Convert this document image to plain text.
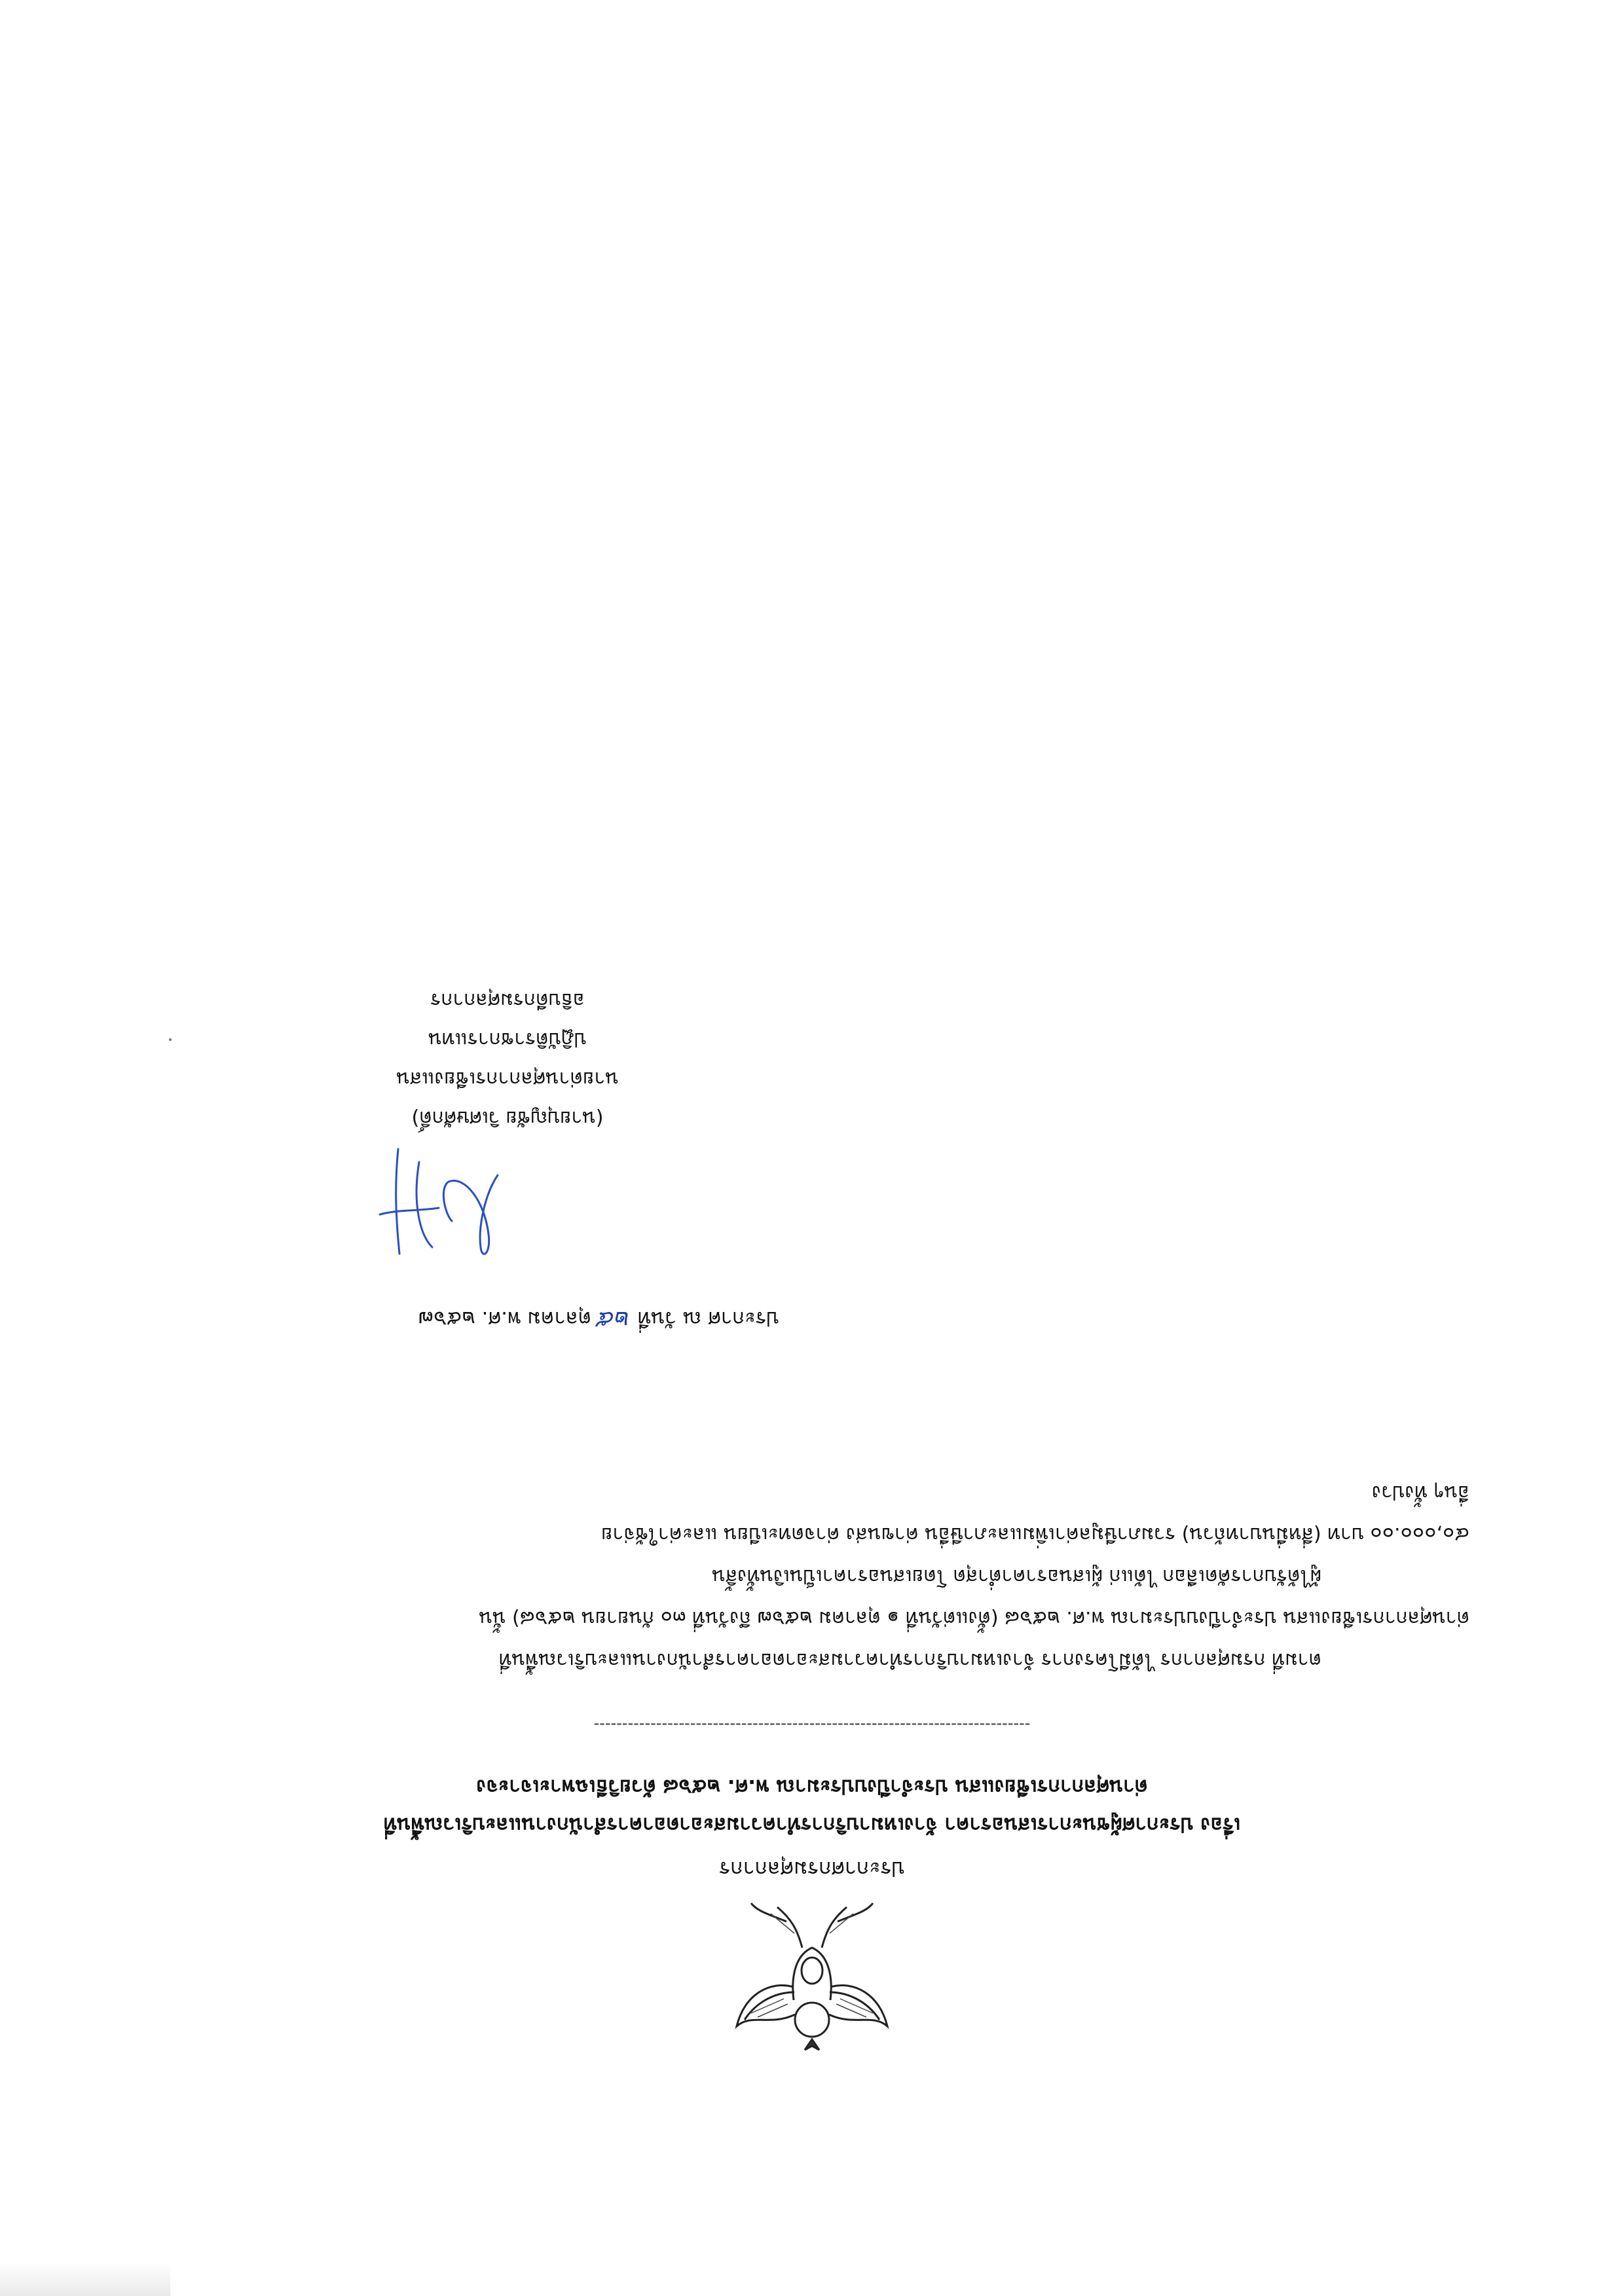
ประกาศกรมศุลกากร
เรื่อง ประกาศผู้ชนะการเสนอราคา จ้างเหมาบริการทำความสะอาดอาคารสำนักงานและบริเวณพื้นที่
ด่านศุลกากรเชียงแสน ประจำปีงบประมาณ พ.ศ. ๒๕๖๘ ด้วยวิธีเฉพาะเจาะจง
-----------------------------------------------------------------------------
ตามที่ กรมศุลกากร ได้มีโครงการ จ้างเหมาบริการทำความสะอาดอาคารสำนักงานและบริเวณพื้นที่
ด่านศุลกากรเชียงแสน ประจำปีงบประมาณ พ.ศ. ๒๕๖๘ (ตั้งแต่วันที่ ๑ ตุลาคม ๒๕๖๗ ถึงวันที่ ๓๐ กันยายน ๒๕๖๘) นั้น
ผู้ได้รับการคัดเลือก ได้แก่ ผู้เสนอราคาต่ำสุด โดยเสนอราคาเป็นเงินทั้งสิ้น
๔๐,๐๐๐.๐๐ บาท (สี่หมื่นบาทถ้วน) รวมภาษีมูลค่าเพิ่มและภาษีอื่น ค่าขนส่ง ค่าจดทะเบียน และค่าใช้จ่าย
อื่นๆ ทั้งปวง
ประกาศ ณ วันที่ ๒๕ ตุลาคม พ.ศ. ๒๕๖๗
(นายบุญชัย วิเศษศักดิ์)
นายด่านศุลกากรเชียงแสน
ปฏิบัติราชการแทน
อธิบดีกรมศุลกากร
